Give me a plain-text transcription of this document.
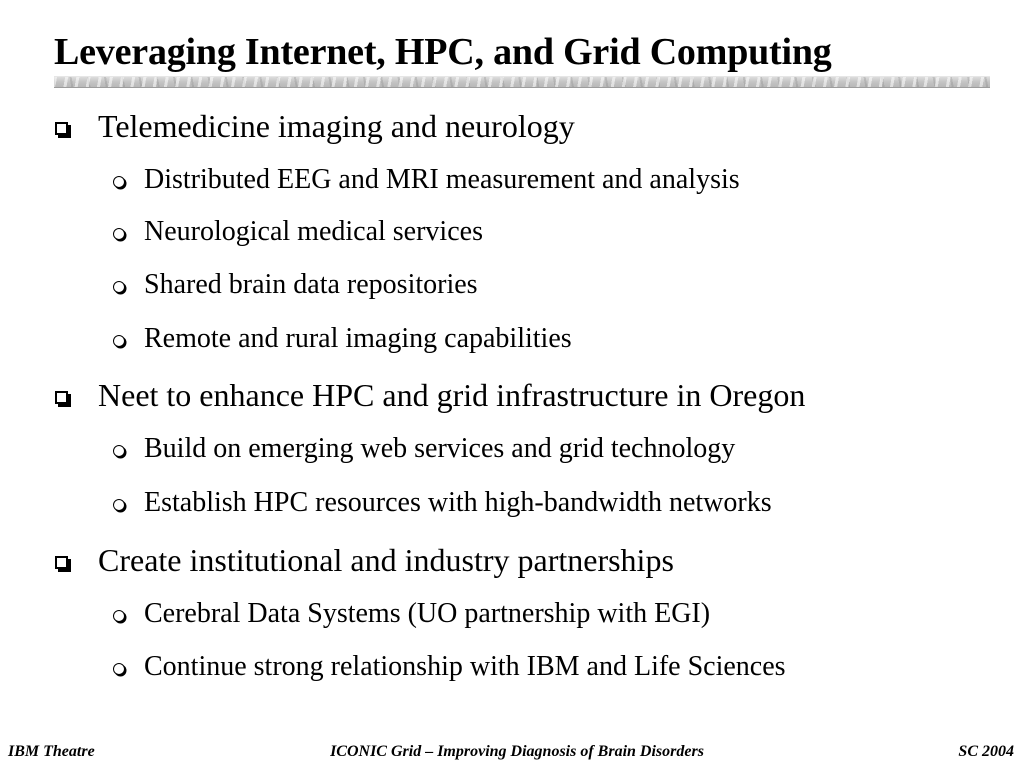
Leveraging Internet, HPC, and Grid Computing
Telemedicine imaging and neurology
Distributed EEG and MRI measurement and analysis
Neurological medical services
Shared brain data repositories
Remote and rural imaging capabilities
Neet to enhance HPC and grid infrastructure in Oregon
Build on emerging web services and grid technology
Establish HPC resources with high-bandwidth networks
Create institutional and industry partnerships
Cerebral Data Systems (UO partnership with EGI)
Continue strong relationship with IBM and Life Sciences
IBM Theatre	ICONIC Grid – Improving Diagnosis of Brain Disorders	SC 2004
